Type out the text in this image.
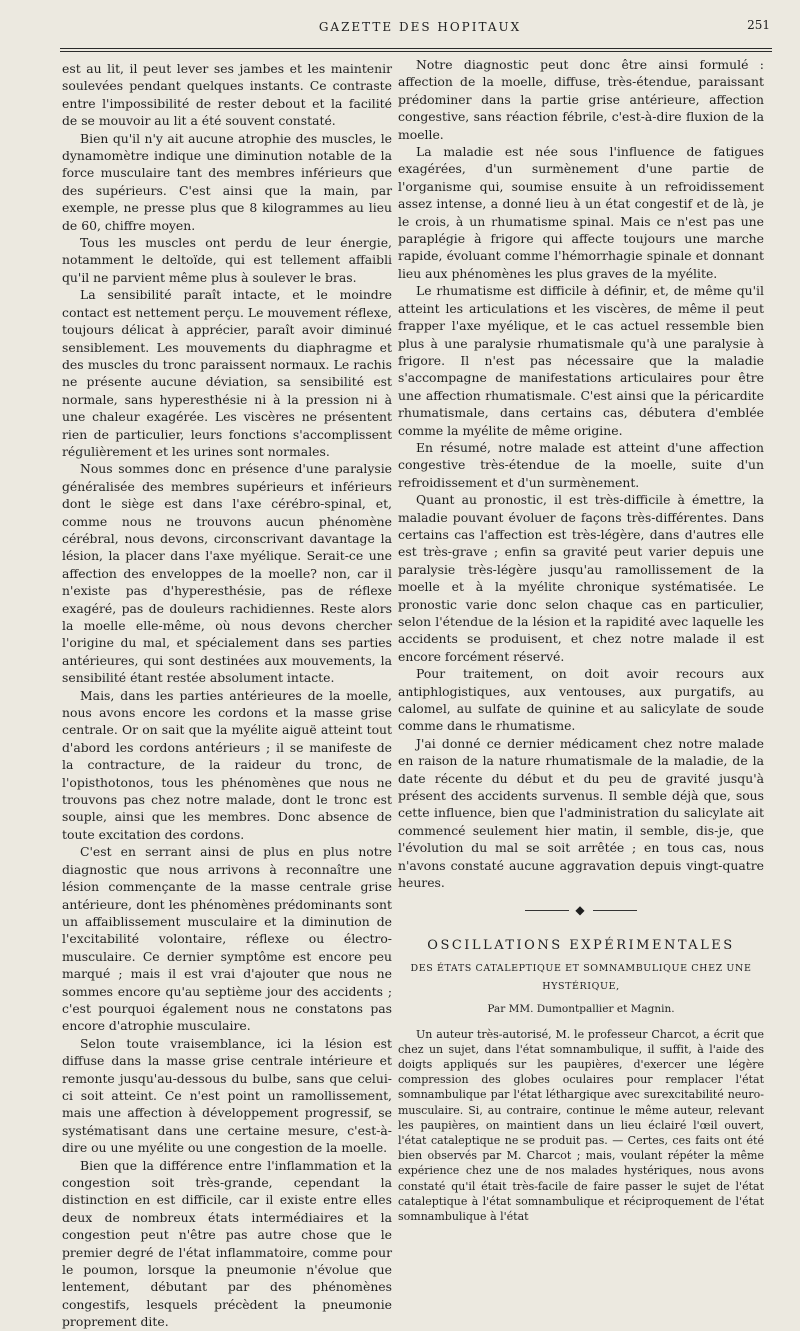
GAZETTE DES HOPITAUX	251

est au lit, il peut lever ses jambes et les maintenir soulevées pendant quelques instants. Ce contraste entre l'impossibilité de rester debout et la facilité de se mouvoir au lit a été souvent constaté.

Bien qu'il n'y ait aucune atrophie des muscles, le dynamomètre indique une diminution notable de la force musculaire tant des membres inférieurs que des supérieurs. C'est ainsi que la main, par exemple, ne presse plus que 8 kilogrammes au lieu de 60, chiffre moyen.

Tous les muscles ont perdu de leur énergie, notamment le deltoïde, qui est tellement affaibli qu'il ne parvient même plus à soulever le bras.

La sensibilité paraît intacte, et le moindre contact est nettement perçu. Le mouvement réflexe, toujours délicat à apprécier, paraît avoir diminué sensiblement. Les mouvements du diaphragme et des muscles du tronc paraissent normaux. Le rachis ne présente aucune déviation, sa sensibilité est normale, sans hyperesthésie ni à la pression ni à une chaleur exagérée. Les viscères ne présentent rien de particulier, leurs fonctions s'accomplissent régulièrement et les urines sont normales.

Nous sommes donc en présence d'une paralysie généralisée des membres supérieurs et inférieurs dont le siège est dans l'axe cérébro-spinal, et, comme nous ne trouvons aucun phénomène cérébral, nous devons, circonscrivant davantage la lésion, la placer dans l'axe myélique. Serait-ce une affection des enveloppes de la moelle? non, car il n'existe pas d'hyperesthésie, pas de réflexe exagéré, pas de douleurs rachidiennes. Reste alors la moelle elle-même, où nous devons chercher l'origine du mal, et spécialement dans ses parties antérieures, qui sont destinées aux mouvements, la sensibilité étant restée absolument intacte.

Mais, dans les parties antérieures de la moelle, nous avons encore les cordons et la masse grise centrale. Or on sait que la myélite aiguë atteint tout d'abord les cordons antérieurs ; il se manifeste de la contracture, de la raideur du tronc, de l'opisthotonos, tous les phénomènes que nous ne trouvons pas chez notre malade, dont le tronc est souple, ainsi que les membres. Donc absence de toute excitation des cordons.

C'est en serrant ainsi de plus en plus notre diagnostic que nous arrivons à reconnaître une lésion commençante de la masse centrale grise antérieure, dont les phénomènes prédominants sont un affaiblissement musculaire et la diminution de l'excitabilité volontaire, réflexe ou électro-musculaire. Ce dernier symptôme est encore peu marqué ; mais il est vrai d'ajouter que nous ne sommes encore qu'au septième jour des accidents ; c'est pourquoi également nous ne constatons pas encore d'atrophie musculaire.

Selon toute vraisemblance, ici la lésion est diffuse dans la masse grise centrale intérieure et remonte jusqu'au-dessous du bulbe, sans que celui-ci soit atteint. Ce n'est point un ramollissement, mais une affection à développement progressif, se systématisant dans une certaine mesure, c'est-à-dire ou une myélite ou une congestion de la moelle.

Bien que la différence entre l'inflammation et la congestion soit très-grande, cependant la distinction en est difficile, car il existe entre elles deux de nombreux états intermédiaires et la congestion peut n'être pas autre chose que le premier degré de l'état inflammatoire, comme pour le poumon, lorsque la pneumonie n'évolue que lentement, débutant par des phénomènes congestifs, lesquels précèdent la pneumonie proprement dite.

Notre diagnostic peut donc être ainsi formulé : affection de la moelle, diffuse, très-étendue, paraissant prédominer dans la partie grise antérieure, affection congestive, sans réaction fébrile, c'est-à-dire fluxion de la moelle.

La maladie est née sous l'influence de fatigues exagérées, d'un surmènement d'une partie de l'organisme qui, soumise ensuite à un refroidissement assez intense, a donné lieu à un état congestif et de là, je le crois, à un rhumatisme spinal. Mais ce n'est pas une paraplégie à frigore qui affecte toujours une marche rapide, évoluant comme l'hémorrhagie spinale et donnant lieu aux phénomènes les plus graves de la myélite.

Le rhumatisme est difficile à définir, et, de même qu'il atteint les articulations et les viscères, de même il peut frapper l'axe myélique, et le cas actuel ressemble bien plus à une paralysie rhumatismale qu'à une paralysie à frigore. Il n'est pas nécessaire que la maladie s'accompagne de manifestations articulaires pour être une affection rhumatismale. C'est ainsi que la péricardite rhumatismale, dans certains cas, débutera d'emblée comme la myélite de même origine.

En résumé, notre malade est atteint d'une affection congestive très-étendue de la moelle, suite d'un refroidissement et d'un surmènement.

Quant au pronostic, il est très-difficile à émettre, la maladie pouvant évoluer de façons très-différentes. Dans certains cas l'affection est très-légère, dans d'autres elle est très-grave ; enfin sa gravité peut varier depuis une paralysie très-légère jusqu'au ramollissement de la moelle et à la myélite chronique systématisée. Le pronostic varie donc selon chaque cas en particulier, selon l'étendue de la lésion et la rapidité avec laquelle les accidents se produisent, et chez notre malade il est encore forcément réservé.

Pour traitement, on doit avoir recours aux antiphlogistiques, aux ventouses, aux purgatifs, au calomel, au sulfate de quinine et au salicylate de soude comme dans le rhumatisme.

J'ai donné ce dernier médicament chez notre malade en raison de la nature rhumatismale de la maladie, de la date récente du début et du peu de gravité jusqu'à présent des accidents survenus. Il semble déjà que, sous cette influence, bien que l'administration du salicylate ait commencé seulement hier matin, il semble, dis-je, que l'évolution du mal se soit arrêtée ; en tous cas, nous n'avons constaté aucune aggravation depuis vingt-quatre heures.

◆
OSCILLATIONS EXPÉRIMENTALES
DES ÉTATS CATALEPTIQUE ET SOMNAMBULIQUE CHEZ UNE HYSTÉRIQUE,
Par MM. Dumontpallier et Magnin.

Un auteur très-autorisé, M. le professeur Charcot, a écrit que chez un sujet, dans l'état somnambulique, il suffit, à l'aide des doigts appliqués sur les paupières, d'exercer une légère compression des globes oculaires pour remplacer l'état somnambulique par l'état léthargique avec surexcitabilité neuro-musculaire. Si, au contraire, continue le même auteur, relevant les paupières, on maintient dans un lieu éclairé l'œil ouvert, l'état cataleptique ne se produit pas. — Certes, ces faits ont été bien observés par M. Charcot ; mais, voulant répéter la même expérience chez une de nos malades hystériques, nous avons constaté qu'il était très-facile de faire passer le sujet de l'état cataleptique à l'état somnambulique et réciproquement de l'état somnambulique à l'état
